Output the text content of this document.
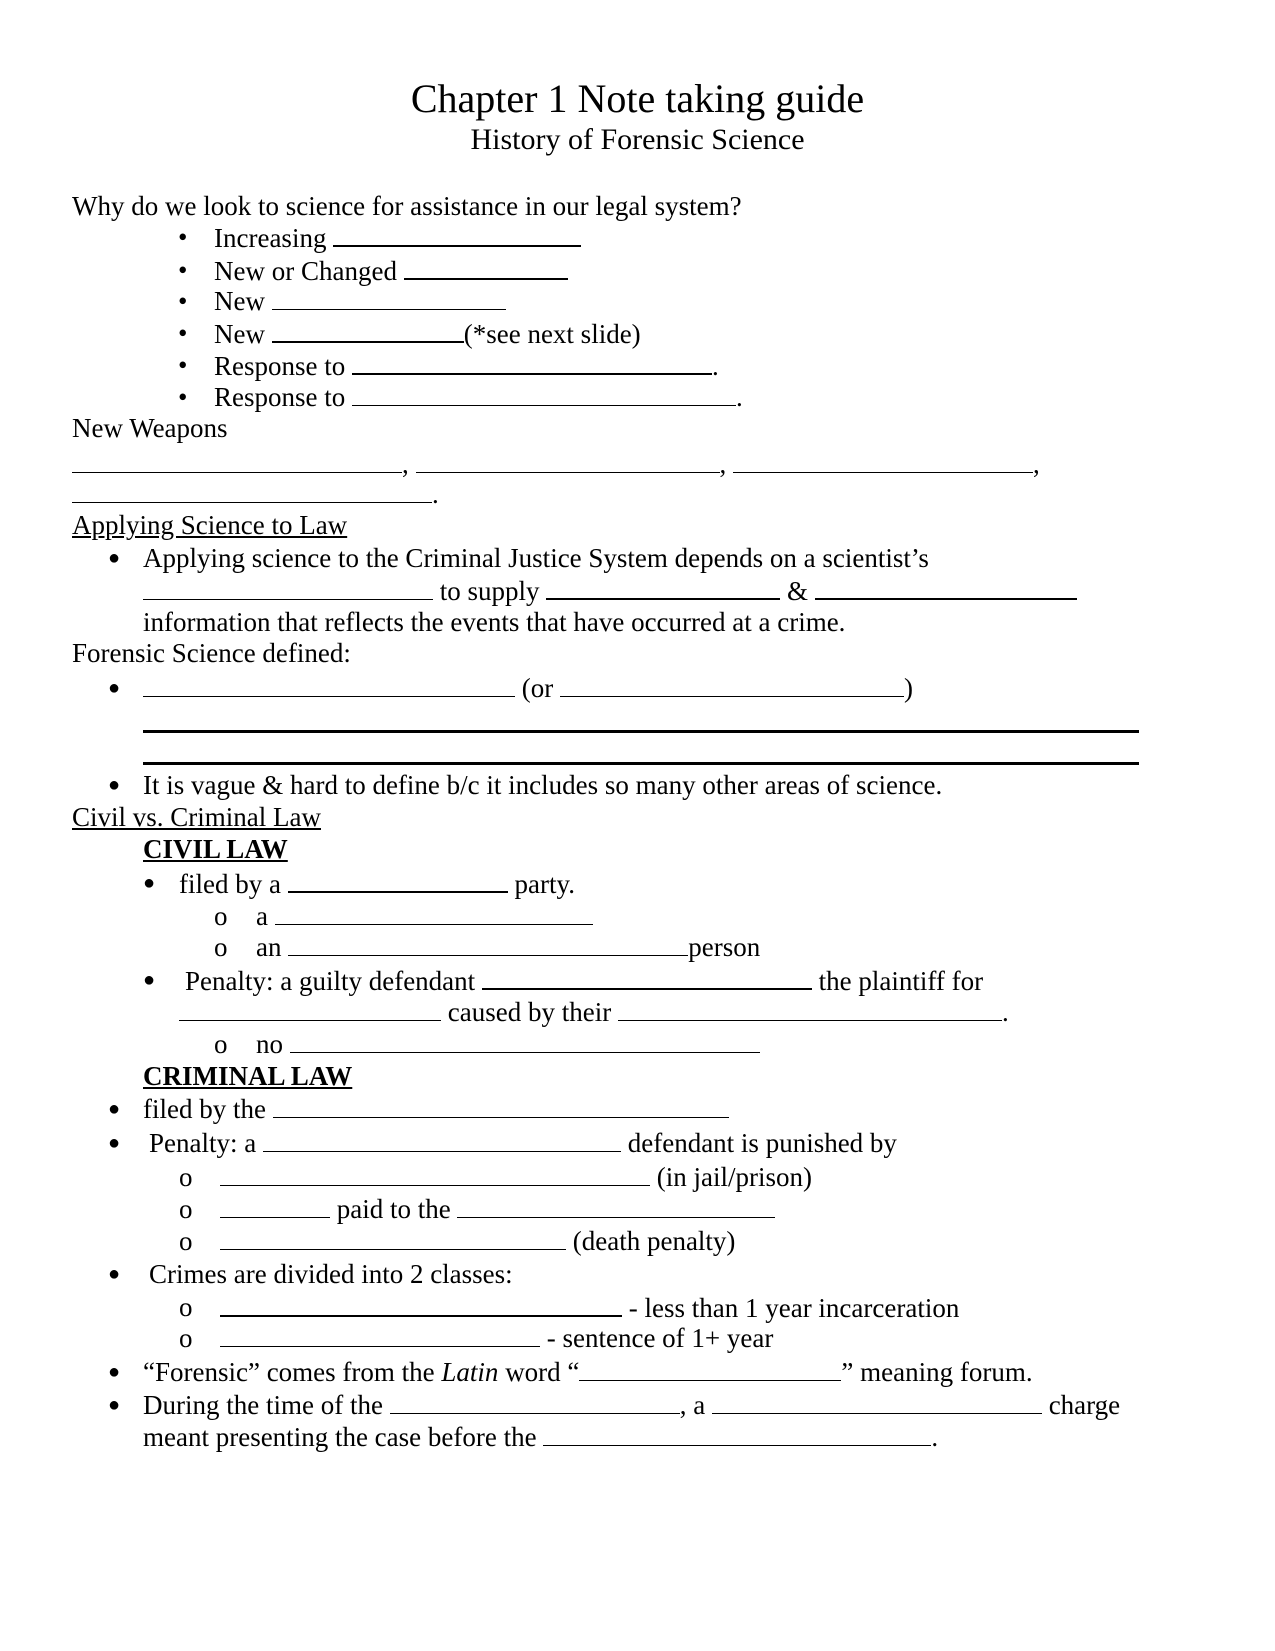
Chapter 1 Note taking guide
History of Forensic Science
Why do we look to science for assistance in our legal system?
• Increasing
• New or Changed
• New
• New	(*see next slide)
• Response to	.
• Response to	.
New Weapons
,	,	,
.
Applying Science to Law
● Applying science to the Criminal Justice System depends on a scientist’s
to supply	&
information that reflects the events that have occurred at a crime.
Forensic Science defined:
●	(or	)
● It is vague & hard to define b/c it includes so many other areas of science.
Civil vs. Criminal Law
CIVIL LAW
● filed by a	party.
o a
o an	person
● Penalty: a guilty defendant	the plaintiff for
caused by their	.
o no
CRIMINAL LAW
● filed by the
● Penalty: a	defendant is punished by
o	(in jail/prison)
o	paid to the
o	(death penalty)
● Crimes are divided into 2 classes:
o	- less than 1 year incarceration
o	- sentence of 1+ year
● “Forensic” comes from the Latin word “	” meaning forum.
● During the time of the	, a	charge
meant presenting the case before the	.
